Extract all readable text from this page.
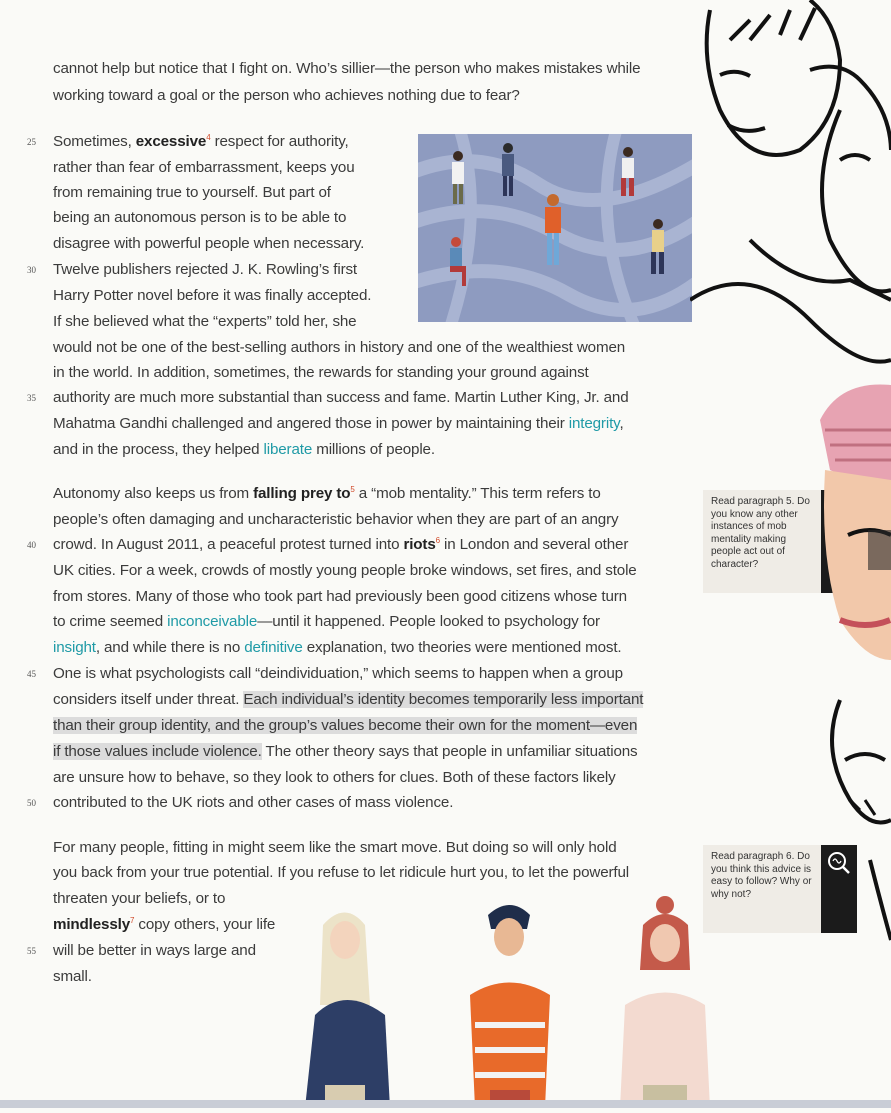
cannot help but notice that I fight on. Who’s sillier—the person who makes mistakes while
working toward a goal or the person who achieves nothing due to fear?
25 Sometimes, excessive$^4$ respect for authority,
rather than fear of embarrassment, keeps you
from remaining true to yourself. But part of
being an autonomous person is to be able to
disagree with powerful people when necessary.
30 Twelve publishers rejected J. K. Rowling’s first
Harry Potter novel before it was finally accepted.
If she believed what the “experts” told her, she
would not be one of the best-selling authors in history and one of the wealthiest women
in the world. In addition, sometimes, the rewards for standing your ground against
35 authority are much more substantial than success and fame. Martin Luther King, Jr. and
Mahatma Gandhi challenged and angered those in power by maintaining their integrity,
and in the process, they helped liberate millions of people.
Autonomy also keeps us from falling prey $to^5$ a “mob mentality.” This term refers to
people’s often damaging and uncharacteristic behavior when they are part of an angry
40 crowd. In August 2011, a peaceful protest turned into riots$^6$ in London and several other
UK cities. For a week, crowds of mostly young people broke windows, set fires, and stole
from stores. Many of those who took part had previously been good citizens whose turn
to crime seemed inconceivable—until it happened. People looked to psychology for
insight, and while there is no definitive explanation, two theories were mentioned most.
45 One is what psychologists call “deindividuation,” which seems to happen when a group
considers itself under threat. Each individual’s identity becomes temporarily less important
than their group identity, and the group’s values become their own for the moment—even
if those values include violence. The other theory says that people in unfamiliar situations
are unsure how to behave, so they look to others for clues. Both of these factors likely
50 contributed to the UK riots and other cases of mass violence.
For many people, fitting in might seem like the smart move. But doing so will only hold
you back from your true potential. If you refuse to let ridicule hurt you, to let the powerful
threaten your beliefs, or to
mindlessly$^7$ copy others, your life
55 will be better in ways large and
small.
Read paragraph 5. Do you know any other instances of mob mentality making people act out of character?
Read paragraph 6. Do you think this advice is easy to follow? Why or why not?
